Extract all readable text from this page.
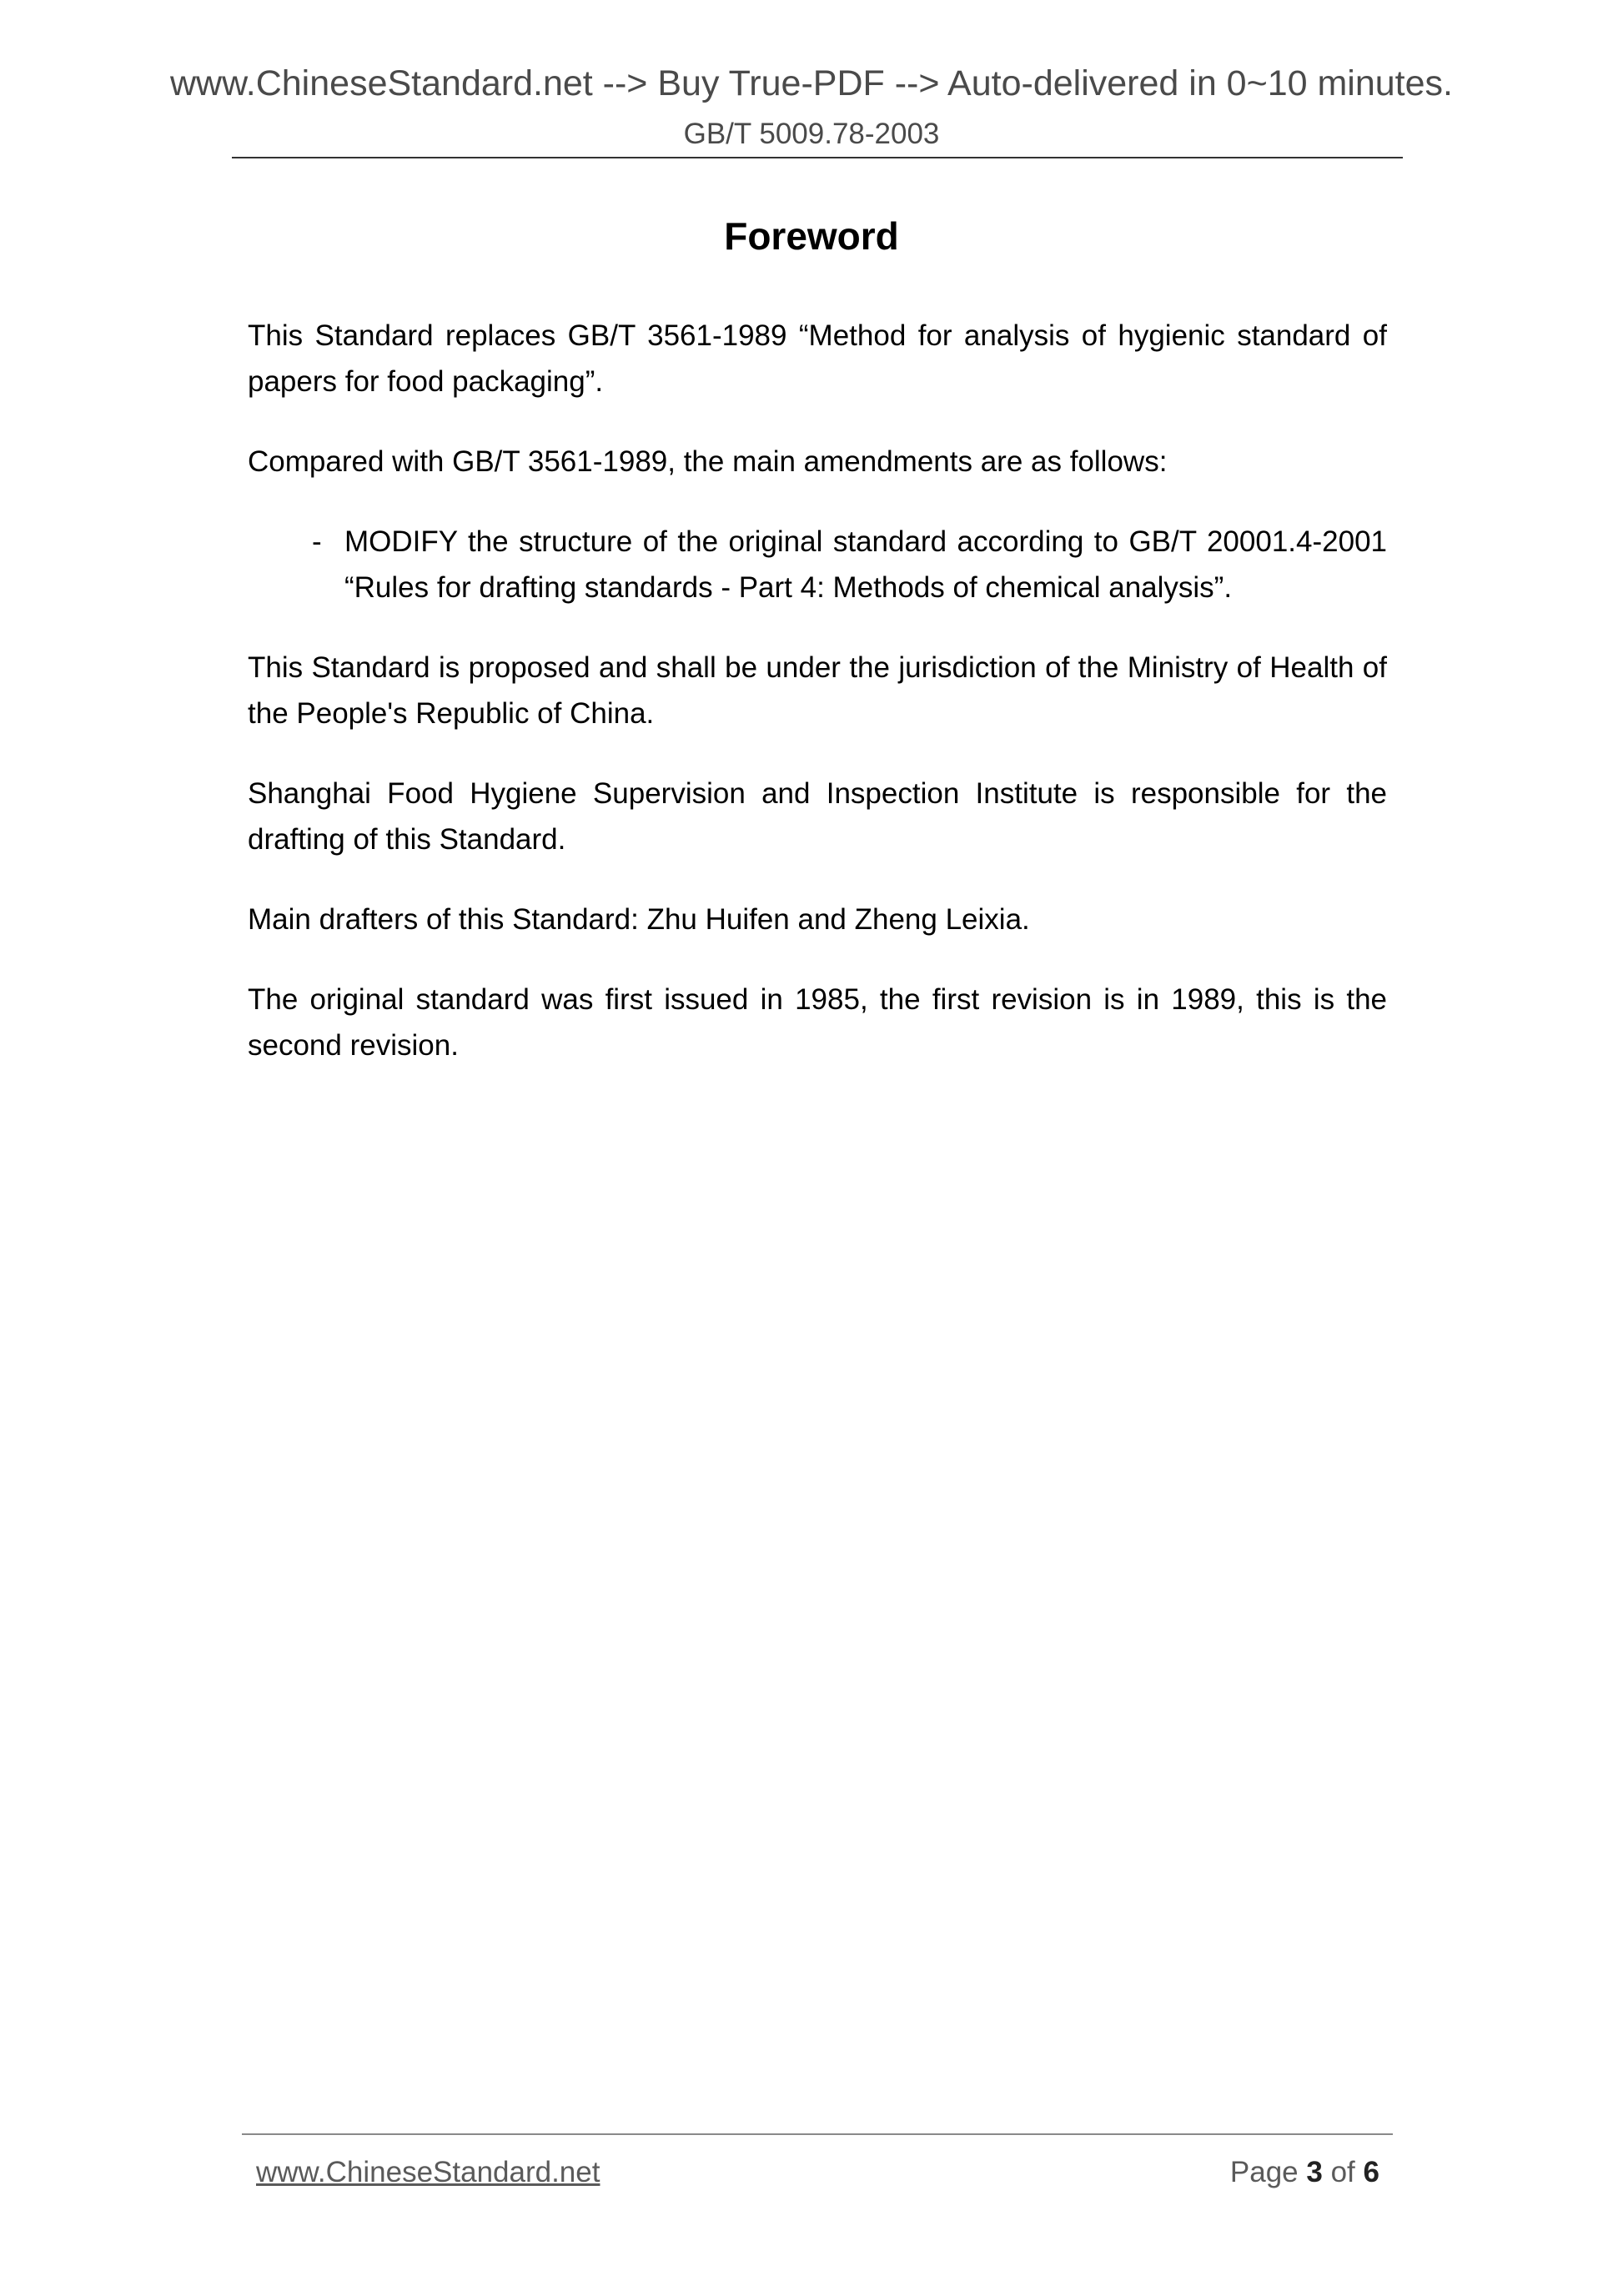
www.ChineseStandard.net --> Buy True-PDF --> Auto-delivered in 0~10 minutes.
GB/T 5009.78-2003
Foreword

This Standard replaces GB/T 3561-1989 “Method for analysis of hygienic standard of papers for food packaging”.

Compared with GB/T 3561-1989, the main amendments are as follows:

- MODIFY the structure of the original standard according to GB/T 20001.4-2001
“Rules for drafting standards - Part 4: Methods of chemical analysis”.

This Standard is proposed and shall be under the jurisdiction of the Ministry of Health of the People's Republic of China.

Shanghai Food Hygiene Supervision and Inspection Institute is responsible for the drafting of this Standard.

Main drafters of this Standard: Zhu Huifen and Zheng Leixia.

The original standard was first issued in 1985, the first revision is in 1989, this is the second revision.

www.ChineseStandard.net	Page 3 of 6
